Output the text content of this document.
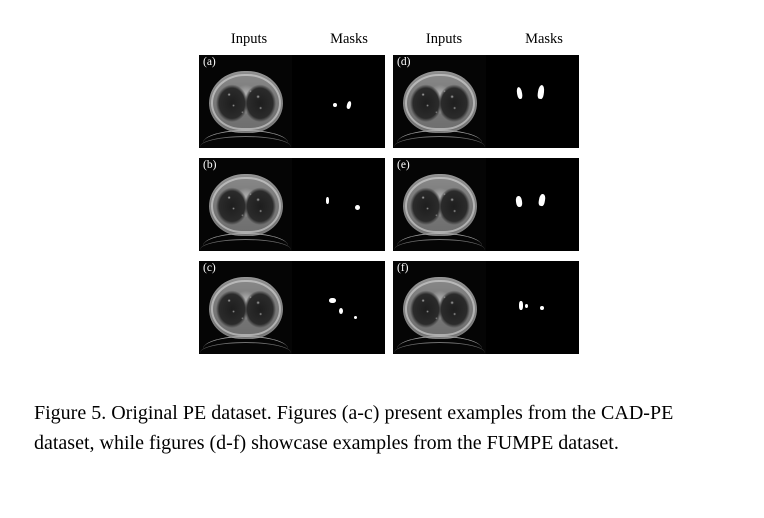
Inputs	Masks	Inputs	Masks
(a)
(b)
(c)
(d)
(e)
(f)
Figure 5. Original PE dataset. Figures (a-c) present examples from the CAD-PE dataset, while figures (d-f) showcase examples from the FUMPE dataset.
